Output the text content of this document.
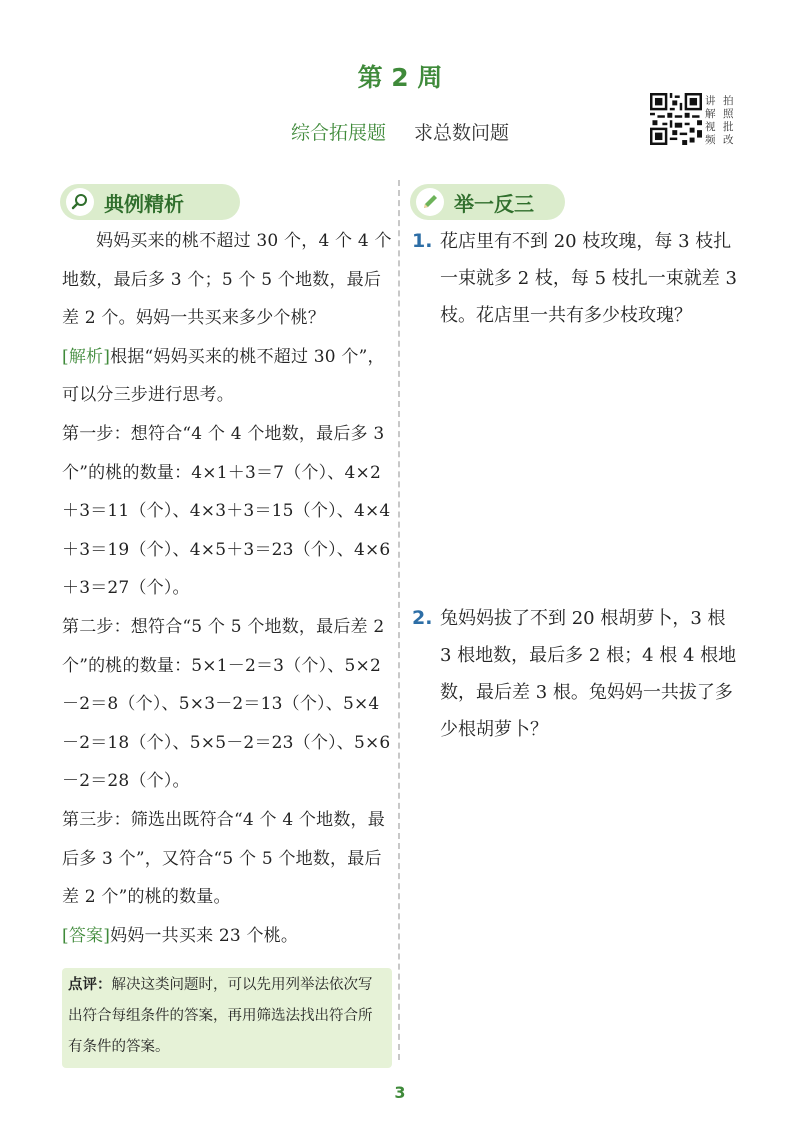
第 2 周
综合拓展题 求总数问题
讲 拍
解 照
视 批
频 改
典例精析	举一反三

妈妈买来的桃不超过 30 个，4 个 4 个地数，最后多 3 个；5 个 5 个地数，最后差 2 个。妈妈一共买来多少个桃？

[解析]根据“妈妈买来的桃不超过 30 个”，可以分三步进行思考。

第一步：想符合“4 个 4 个地数，最后多 3 个”的桃的数量：4×1＋3＝7（个）、4×2＋3＝11（个）、4×3＋3＝15（个）、4×4＋3＝19（个）、4×5＋3＝23（个）、4×6＋3＝27（个）。

第二步：想符合“5 个 5 个地数，最后差 2 个”的桃的数量：5×1－2＝3（个）、5×2－2＝8（个）、5×3－2＝13（个）、5×4－2＝18（个）、5×5－2＝23（个）、5×6－2＝28（个）。

第三步：筛选出既符合“4 个 4 个地数，最后多 3 个”，又符合“5 个 5 个地数，最后差 2 个”的桃的数量。

[答案]妈妈一共买来 23 个桃。

点评：解决这类问题时，可以先用列举法依次写出符合每组条件的答案，再用筛选法找出符合所有条件的答案。
1. 花店里有不到 20 枝玫瑰，每 3 枝扎一束就多 2 枝，每 5 枝扎一束就差 3 枝。花店里一共有多少枝玫瑰？
2. 兔妈妈拔了不到 20 根胡萝卜，3 根 3 根地数，最后多 2 根；4 根 4 根地数，最后差 3 根。兔妈妈一共拔了多少根胡萝卜？
3
